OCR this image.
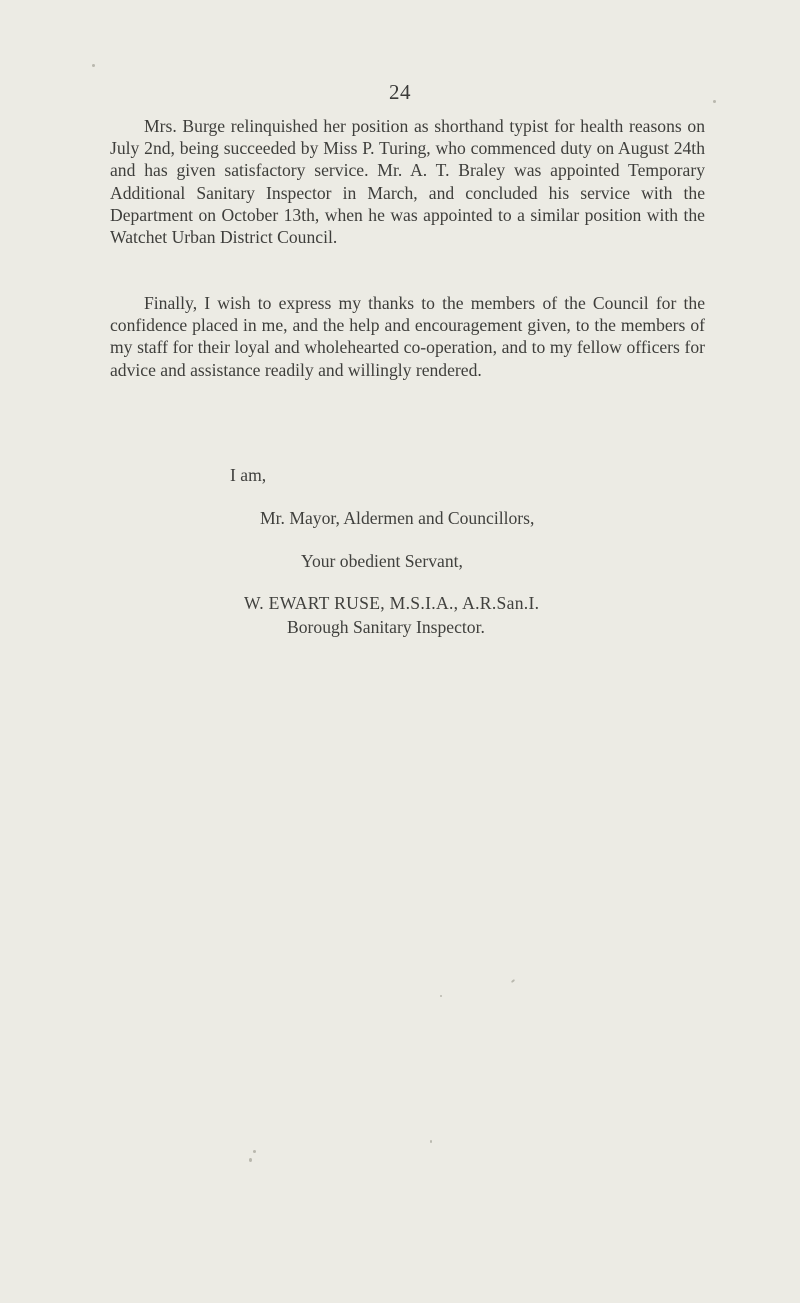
24

Mrs. Burge relinquished her position as shorthand typist for health reasons on July 2nd, being succeeded by Miss P. Turing, who commenced duty on August 24th and has given satisfactory service. Mr. A. T. Braley was appointed Temporary Additional Sanitary Inspector in March, and concluded his service with the Department on October 13th, when he was appointed to a similar position with the Watchet Urban District Council.

Finally, I wish to express my thanks to the members of the Council for the confidence placed in me, and the help and encouragement given, to the members of my staff for their loyal and wholehearted co-operation, and to my fellow officers for advice and assistance readily and willingly rendered.

I am,
Mr. Mayor, Aldermen and Councillors,
Your obedient Servant,
W. EWART RUSE, M.S.I.A., A.R.San.I.
Borough Sanitary Inspector.
